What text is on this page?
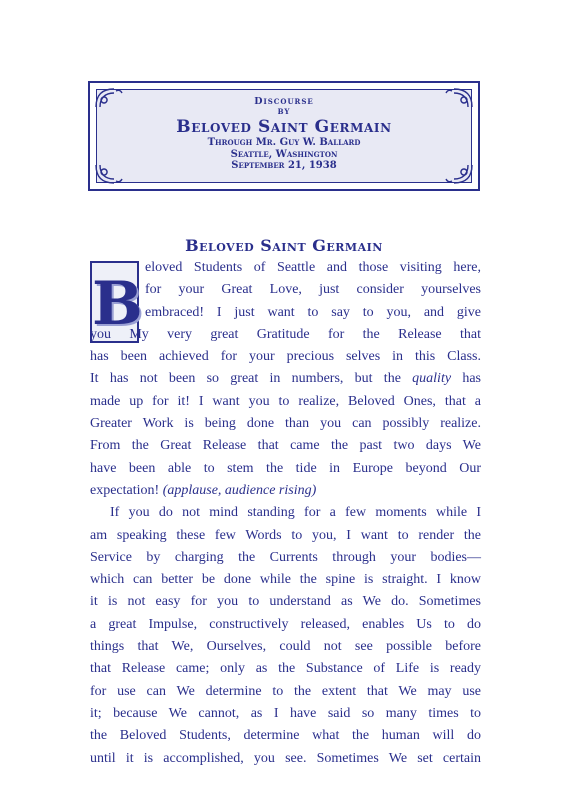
Discourse
by
Beloved Saint Germain
Through Mr. Guy W. Ballard
Seattle, Washington
September 21, 1938
Beloved Saint Germain
B
eloved Students of Seattle and those visiting here,
for your Great Love, just consider yourselves
embraced! I just want to say to you, and give
you My very great Gratitude for the Release that
has been achieved for your precious selves in this Class.
It has not been so great in numbers, but the quality has
made up for it! I want you to realize, Beloved Ones, that a
Greater Work is being done than you can possibly realize.
From the Great Release that came the past two days We
have been able to stem the tide in Europe beyond Our
expectation! (applause, audience rising)
If you do not mind standing for a few moments while I
am speaking these few Words to you, I want to render the
Service by charging the Currents through your bodies—
which can better be done while the spine is straight. I know
it is not easy for you to understand as We do. Sometimes
a great Impulse, constructively released, enables Us to do
things that We, Ourselves, could not see possible before
that Release came; only as the Substance of Life is ready
for use can We determine to the extent that We may use
it; because We cannot, as I have said so many times to
the Beloved Students, determine what the human will do
until it is accomplished, you see. Sometimes We set certain
